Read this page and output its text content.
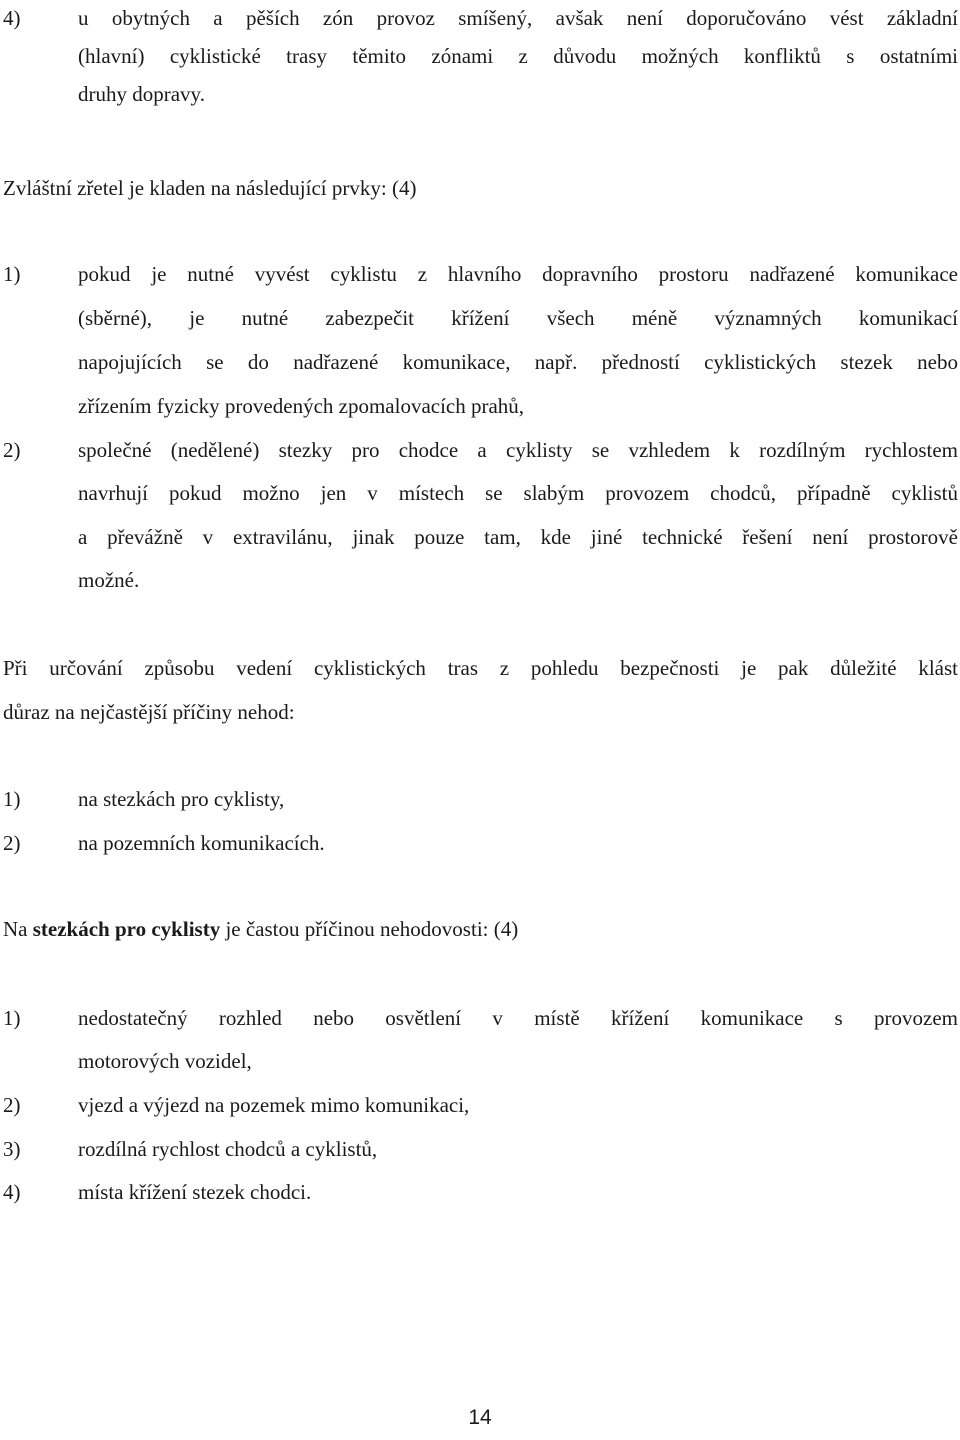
4)	u obytných a pěších zón provoz smíšený, avšak není doporučováno vést základní
(hlavní) cyklistické trasy těmito zónami z důvodu možných konfliktů s ostatními
druhy dopravy.
Zvláštní zřetel je kladen na následující prvky: (4)
1)	pokud je nutné vyvést cyklistu z hlavního dopravního prostoru nadřazené komunikace
(sběrné), je nutné zabezpečit křížení všech méně významných komunikací
napojujících se do nadřazené komunikace, např. předností cyklistických stezek nebo
zřízením fyzicky provedených zpomalovacích prahů,
2)	společné (nedělené) stezky pro chodce a cyklisty se vzhledem k rozdílným rychlostem
navrhují pokud možno jen v místech se slabým provozem chodců, případně cyklistů
a převážně v extravilánu, jinak pouze tam, kde jiné technické řešení není prostorově
možné.
Při určování způsobu vedení cyklistických tras z pohledu bezpečnosti je pak důležité klást
důraz na nejčastější příčiny nehod:
1)	na stezkách pro cyklisty,
2)	na pozemních komunikacích.
Na stezkách pro cyklisty je častou příčinou nehodovosti: (4)
1)	nedostatečný rozhled nebo osvětlení v místě křížení komunikace s provozem
motorových vozidel,
2)	vjezd a výjezd na pozemek mimo komunikaci,
3)	rozdílná rychlost chodců a cyklistů,
4)	místa křížení stezek chodci.
14
